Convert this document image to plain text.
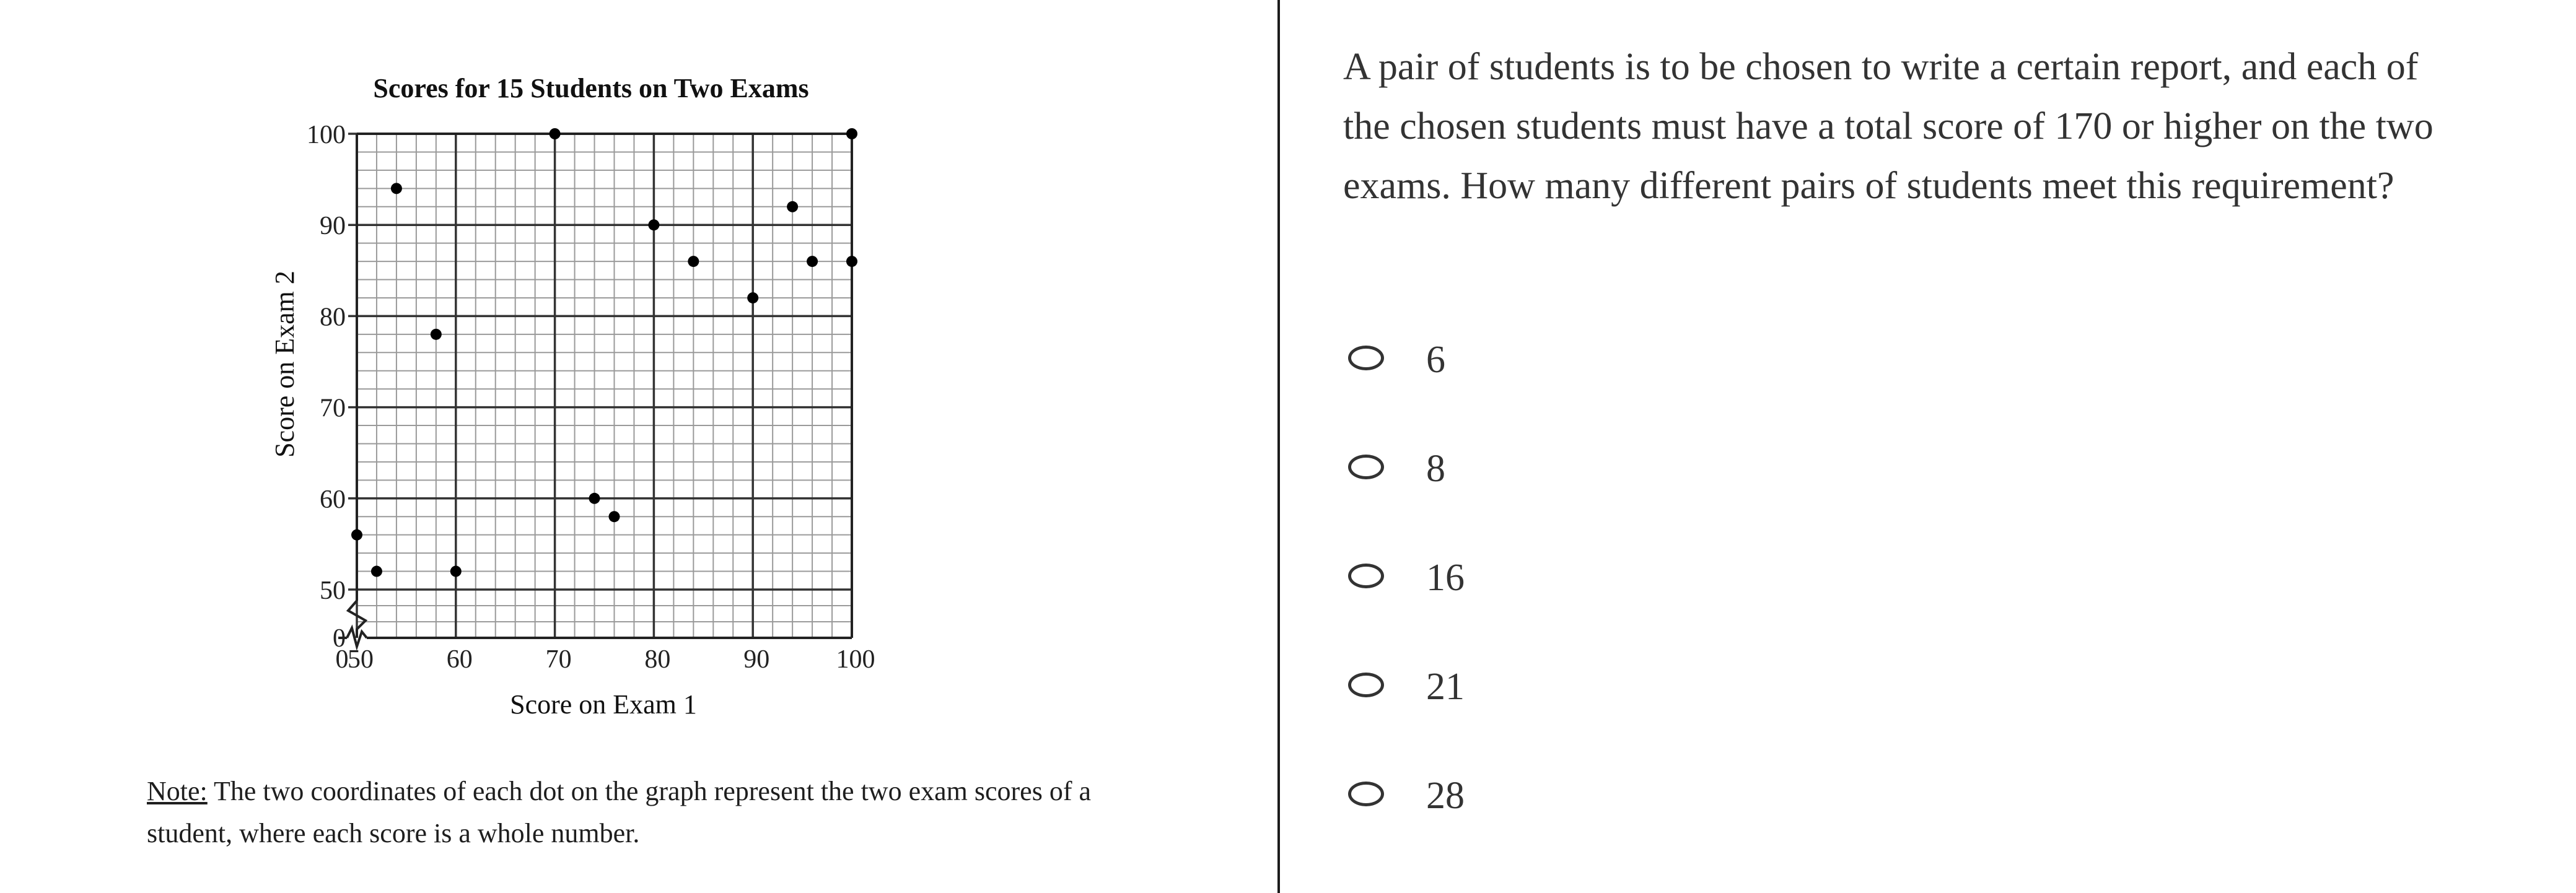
50
60
70
80
90
100
50	60	70	80	90	100
0
0
Scores for 15 Students on Two Exams
Score on Exam 1
Score on Exam 2
Note: The two coordinates of each dot on the graph represent the two exam scores of a student, where each score is a whole number.

A pair of students is to be chosen to write a certain report, and each of the chosen students must have a total score of 170 or higher on the two exams. How many different pairs of students meet this requirement?

6
8
16
21
28
